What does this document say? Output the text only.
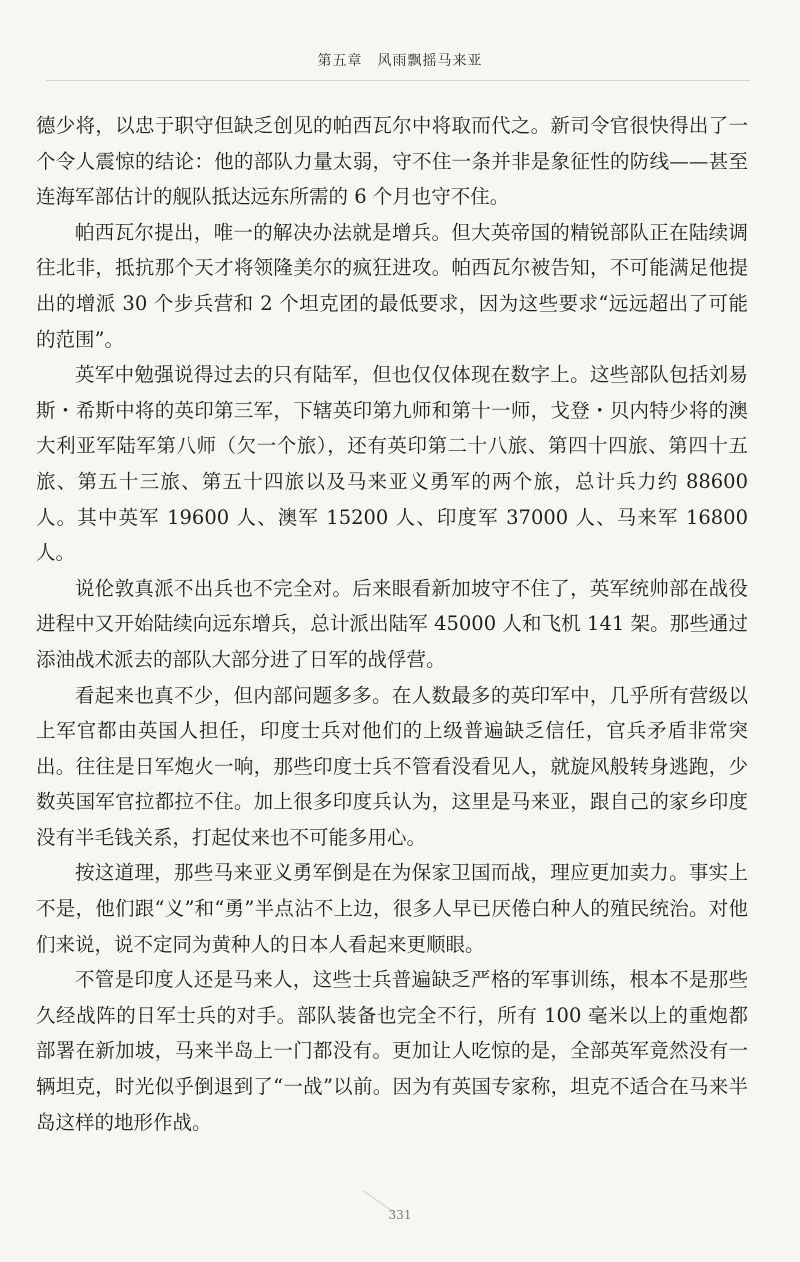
第五章　风雨飘摇马来亚

德少将，以忠于职守但缺乏创见的帕西瓦尔中将取而代之。新司令官很快得出了一个令人震惊的结论：他的部队力量太弱，守不住一条并非是象征性的防线——甚至连海军部估计的舰队抵达远东所需的 6 个月也守不住。

帕西瓦尔提出，唯一的解决办法就是增兵。但大英帝国的精锐部队正在陆续调往北非，抵抗那个天才将领隆美尔的疯狂进攻。帕西瓦尔被告知，不可能满足他提出的增派 30 个步兵营和 2 个坦克团的最低要求，因为这些要求“远远超出了可能的范围”。

英军中勉强说得过去的只有陆军，但也仅仅体现在数字上。这些部队包括刘易斯・希斯中将的英印第三军，下辖英印第九师和第十一师，戈登・贝内特少将的澳大利亚军陆军第八师（欠一个旅），还有英印第二十八旅、第四十四旅、第四十五旅、第五十三旅、第五十四旅以及马来亚义勇军的两个旅，总计兵力约 88600 人。其中英军 19600 人、澳军 15200 人、印度军 37000 人、马来军 16800 人。

说伦敦真派不出兵也不完全对。后来眼看新加坡守不住了，英军统帅部在战役进程中又开始陆续向远东增兵，总计派出陆军 45000 人和飞机 141 架。那些通过添油战术派去的部队大部分进了日军的战俘营。

看起来也真不少，但内部问题多多。在人数最多的英印军中，几乎所有营级以上军官都由英国人担任，印度士兵对他们的上级普遍缺乏信任，官兵矛盾非常突出。往往是日军炮火一响，那些印度士兵不管看没看见人，就旋风般转身逃跑，少数英国军官拉都拉不住。加上很多印度兵认为，这里是马来亚，跟自己的家乡印度没有半毛钱关系，打起仗来也不可能多用心。

按这道理，那些马来亚义勇军倒是在为保家卫国而战，理应更加卖力。事实上不是，他们跟“义”和“勇”半点沾不上边，很多人早已厌倦白种人的殖民统治。对他们来说，说不定同为黄种人的日本人看起来更顺眼。

不管是印度人还是马来人，这些士兵普遍缺乏严格的军事训练，根本不是那些久经战阵的日军士兵的对手。部队装备也完全不行，所有 100 毫米以上的重炮都部署在新加坡，马来半岛上一门都没有。更加让人吃惊的是，全部英军竟然没有一辆坦克，时光似乎倒退到了“一战”以前。因为有英国专家称，坦克不适合在马来半岛这样的地形作战。

331
